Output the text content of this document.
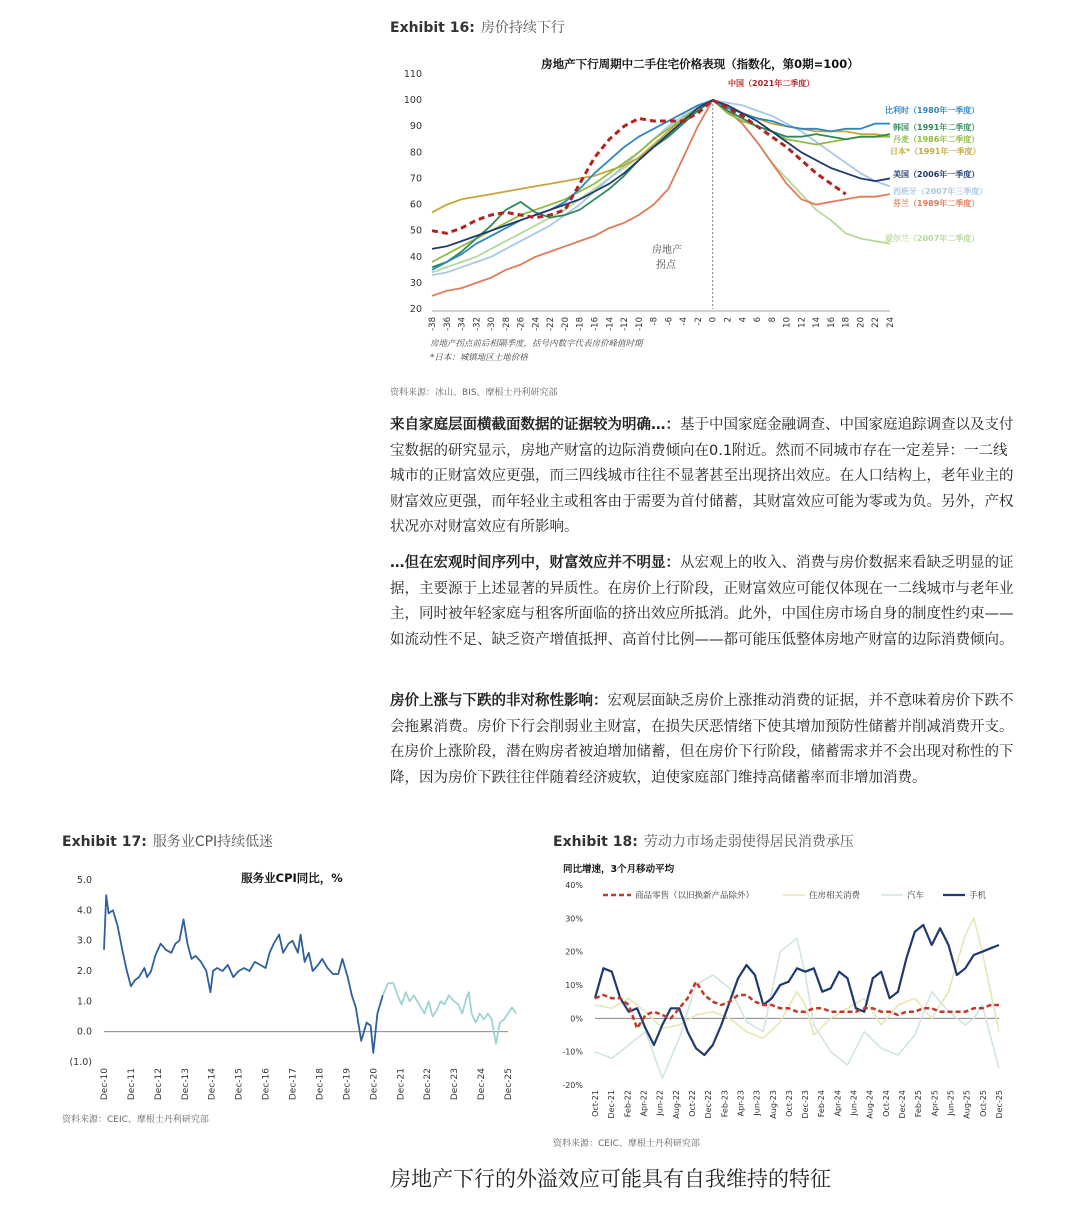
Exhibit 16: 房价持续下行
房地产下行周期中二手住宅价格表现（指数化，第0期=100）
110
100
90
80
70
60
50
40
30
20
-38 -36 -34 -32 -30 -28 -26 -24 -22 -20 -18 -16 -14 -12 -10 -8 -6 -4 -2 0 2 4 6 8 10 12 14 16 18 20 22 24
中国（2021年二季度）
比利时（1980年一季度）
韩国（1991年二季度）
丹麦（1986年二季度）
日本*（1991年一季度）
美国（2006年一季度）
西班牙（2007年三季度）
芬兰（1989年二季度）
爱尔兰（2007年二季度）
房地产
拐点
房地产拐点前后相隔季度，括号内数字代表房价峰值时期
*日本：城镇地区土地价格
资料来源：冰山、BIS、摩根士丹利研究部
来自家庭层面横截面数据的证据较为明确…：基于中国家庭金融调查、中国家庭追踪调查以及支付宝数据的研究显示，房地产财富的边际消费倾向在0.1附近。然而不同城市存在一定差异：一二线城市的正财富效应更强，而三四线城市往往不显著甚至出现挤出效应。在人口结构上，老年业主的财富效应更强，而年轻业主或租客由于需要为首付储蓄，其财富效应可能为零或为负。另外，产权状况亦对财富效应有所影响。
…但在宏观时间序列中，财富效应并不明显：从宏观上的收入、消费与房价数据来看缺乏明显的证据，主要源于上述显著的异质性。在房价上行阶段，正财富效应可能仅体现在一二线城市与老年业主，同时被年轻家庭与租客所面临的挤出效应所抵消。此外，中国住房市场自身的制度性约束——如流动性不足、缺乏资产增值抵押、高首付比例——都可能压低整体房地产财富的边际消费倾向。
房价上涨与下跌的非对称性影响：宏观层面缺乏房价上涨推动消费的证据，并不意味着房价下跌不会拖累消费。房价下行会削弱业主财富，在损失厌恶情绪下使其增加预防性储蓄并削减消费开支。在房价上涨阶段，潜在购房者被迫增加储蓄，但在房价下行阶段，储蓄需求并不会出现对称性的下降，因为房价下跌往往伴随着经济疲软，迫使家庭部门维持高储蓄率而非增加消费。
Exhibit 17: 服务业CPI持续低迷
服务业CPI同比，%
5.0
4.0
3.0
2.0
1.0
0.0
(1.0)
Dec-10 Dec-11 Dec-12 Dec-13 Dec-14 Dec-15 Dec-16 Dec-17 Dec-18 Dec-19 Dec-20 Dec-21 Dec-22 Dec-23 Dec-24 Dec-25
资料来源：CEIC、摩根士丹利研究部
Exhibit 18: 劳动力市场走弱使得居民消费承压
同比增速，3个月移动平均
商品零售（以旧换新产品除外）	住房相关消费	汽车	手机
40%
30%
20%
10%
0%
-10%
-20%
Oct-21 Dec-21 Feb-22 Apr-22 Jun-22 Aug-22 Oct-22 Dec-22 Feb-23 Apr-23 Jun-23 Aug-23 Oct-23 Dec-23 Feb-24 Apr-24 Jun-24 Aug-24 Oct-24 Dec-24 Feb-25 Apr-25 Jun-25 Aug-25 Oct-25 Dec-25
资料来源：CEIC、摩根士丹利研究部
房地产下行的外溢效应可能具有自我维持的特征
